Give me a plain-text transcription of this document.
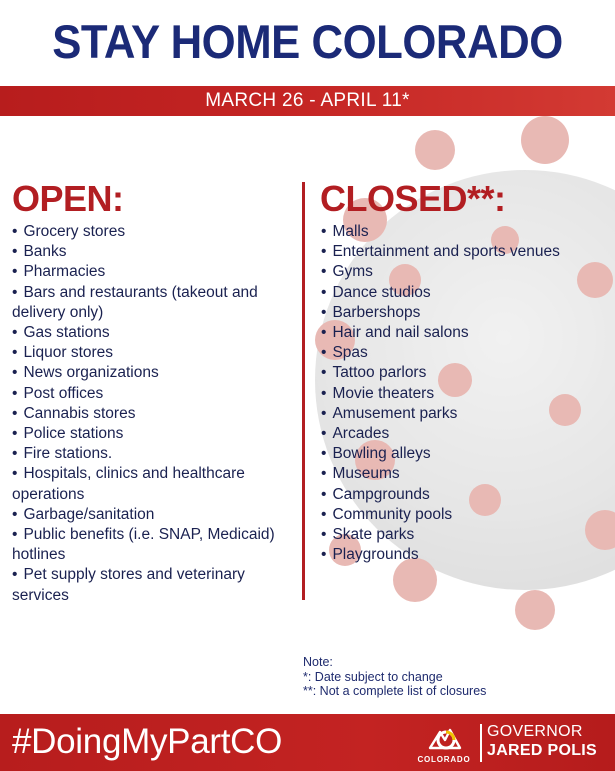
STAY HOME COLORADO
MARCH 26 - APRIL 11*
OPEN:
• Grocery stores
• Banks
• Pharmacies
• Bars and restaurants (takeout and delivery only)
• Gas stations
• Liquor stores
• News organizations
• Post offices
• Cannabis stores
• Police stations
• Fire stations.
• Hospitals, clinics and healthcare operations
• Garbage/sanitation
• Public benefits (i.e. SNAP, Medicaid) hotlines
• Pet supply stores and veterinary services
CLOSED**:
• Malls
• Entertainment and sports venues
• Gyms
• Dance studios
• Barbershops
• Hair and nail salons
• Spas
• Tattoo parlors
• Movie theaters
• Amusement parks
• Arcades
• Bowling alleys
• Museums
• Campgrounds
• Community pools
• Skate parks
• Playgrounds
Note:
*: Date subject to change
**: Not a complete list of closures
#DoingMyPartCO	COLORADO
GOVERNOR
JARED POLIS
